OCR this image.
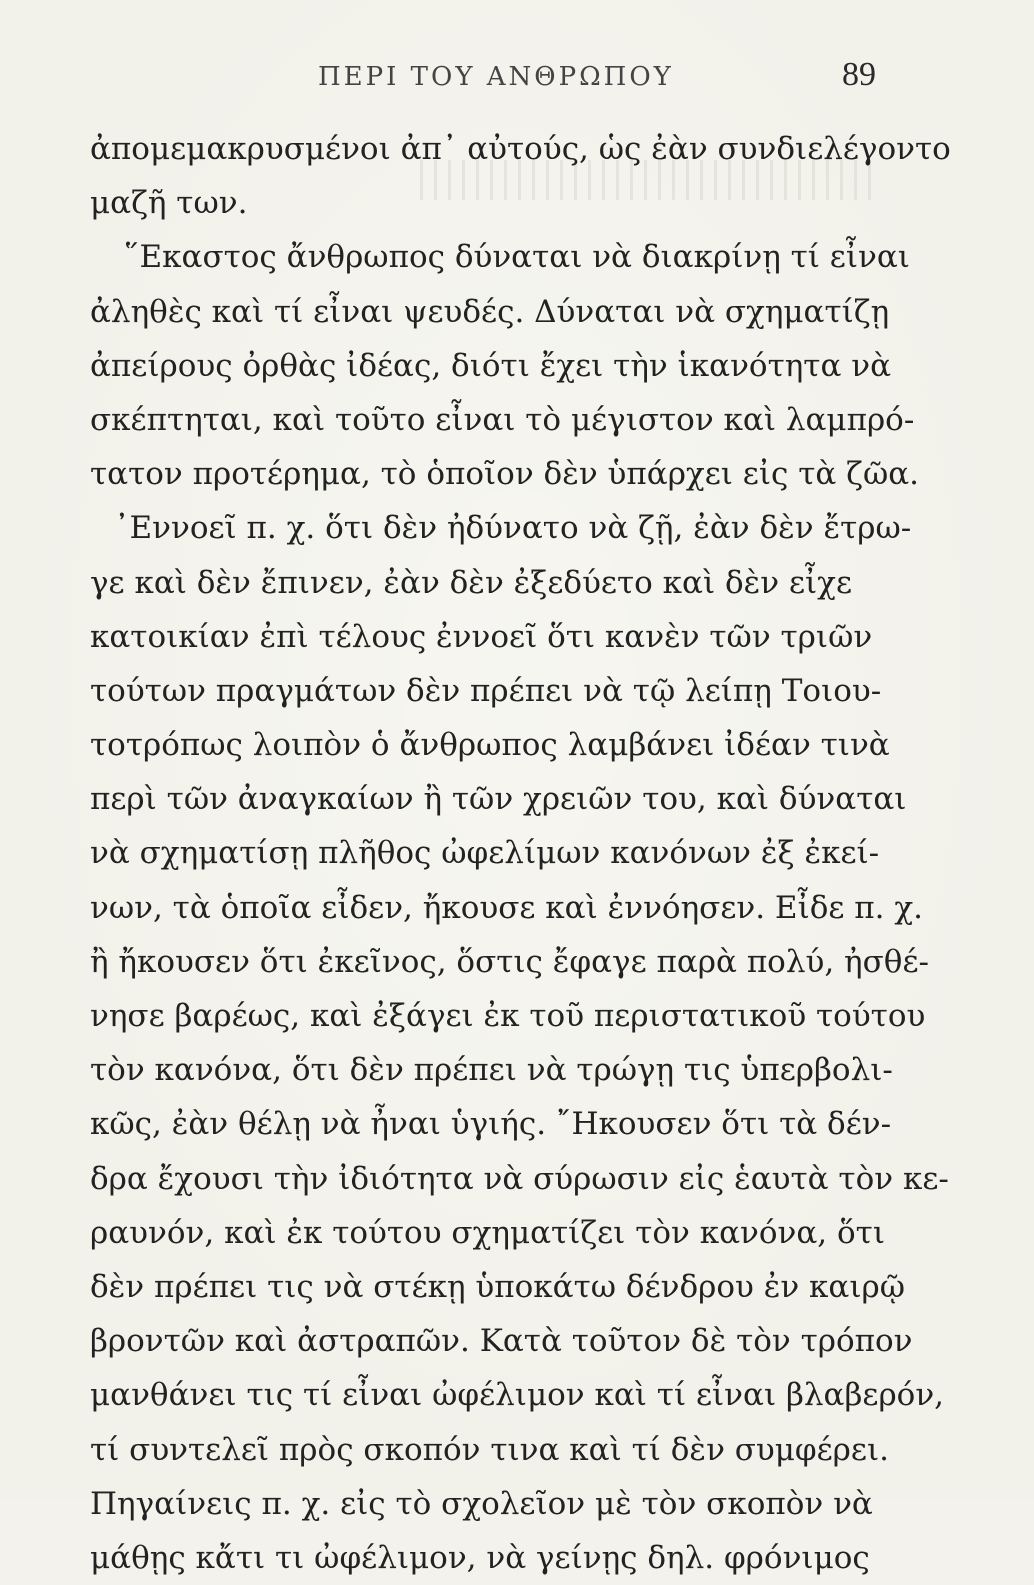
ΠΕΡΙ ΤΟΥ ΑΝΘΡΩΠΟΥ	89
ἀπομεμακρυσμένοι ἀπ᾿ αὐτούς, ὡς ἐὰν συνδιελέγοντο
μαζῆ των.
῞Εκαστος ἄνθρωπος δύναται νὰ διακρίνῃ τί εἶναι
ἀληθὲς καὶ τί εἶναι ψευδές. Δύναται νὰ σχηματίζῃ
ἀπείρους ὀρθὰς ἰδέας, διότι ἔχει τὴν ἱκανότητα νὰ
σκέπτηται, καὶ τοῦτο εἶναι τὸ μέγιστον καὶ λαμπρό-
τατον προτέρημα, τὸ ὁποῖον δὲν ὑπάρχει εἰς τὰ ζῶα.
᾿Εννοεῖ π. χ. ὅτι δὲν ἠδύνατο νὰ ζῇ, ἐὰν δὲν ἔτρω-
γε καὶ δὲν ἔπινεν, ἐὰν δὲν ἐξεδύετο καὶ δὲν εἶχε
κατοικίαν ἐπὶ τέλους ἐννοεῖ ὅτι κανὲν τῶν τριῶν
τούτων πραγμάτων δὲν πρέπει νὰ τῷ λείπῃ Τοιου-
τοτρόπως λοιπὸν ὁ ἄνθρωπος λαμβάνει ἰδέαν τινὰ
περὶ τῶν ἀναγκαίων ἢ τῶν χρειῶν του, καὶ δύναται
νὰ σχηματίσῃ πλῆθος ὠφελίμων κανόνων ἐξ ἐκεί-
νων, τὰ ὁποῖα εἶδεν, ἤκουσε καὶ ἐννόησεν. Εἶδε π. χ.
ἢ ἤκουσεν ὅτι ἐκεῖνος, ὅστις ἔφαγε παρὰ πολύ, ἠσθέ-
νησε βαρέως, καὶ ἐξάγει ἐκ τοῦ περιστατικοῦ τούτου
τὸν κανόνα, ὅτι δὲν πρέπει νὰ τρώγῃ τις ὑπερβολι-
κῶς, ἐὰν θέλῃ νὰ ἦναι ὑγιής. ῎Ηκουσεν ὅτι τὰ δέν-
δρα ἔχουσι τὴν ἰδιότητα νὰ σύρωσιν εἰς ἑαυτὰ τὸν κε-
ραυνόν, καὶ ἐκ τούτου σχηματίζει τὸν κανόνα, ὅτι
δὲν πρέπει τις νὰ στέκῃ ὑποκάτω δένδρου ἐν καιρῷ
βροντῶν καὶ ἀστραπῶν. Κατὰ τοῦτον δὲ τὸν τρόπον
μανθάνει τις τί εἶναι ὠφέλιμον καὶ τί εἶναι βλαβερόν,
τί συντελεῖ πρὸς σκοπόν τινα καὶ τί δὲν συμφέρει.
Πηγαίνεις π. χ. εἰς τὸ σχολεῖον μὲ τὸν σκοπὸν νὰ
μάθῃς κἄτι τι ὠφέλιμον, νὰ γείνῃς δηλ. φρόνιμος
